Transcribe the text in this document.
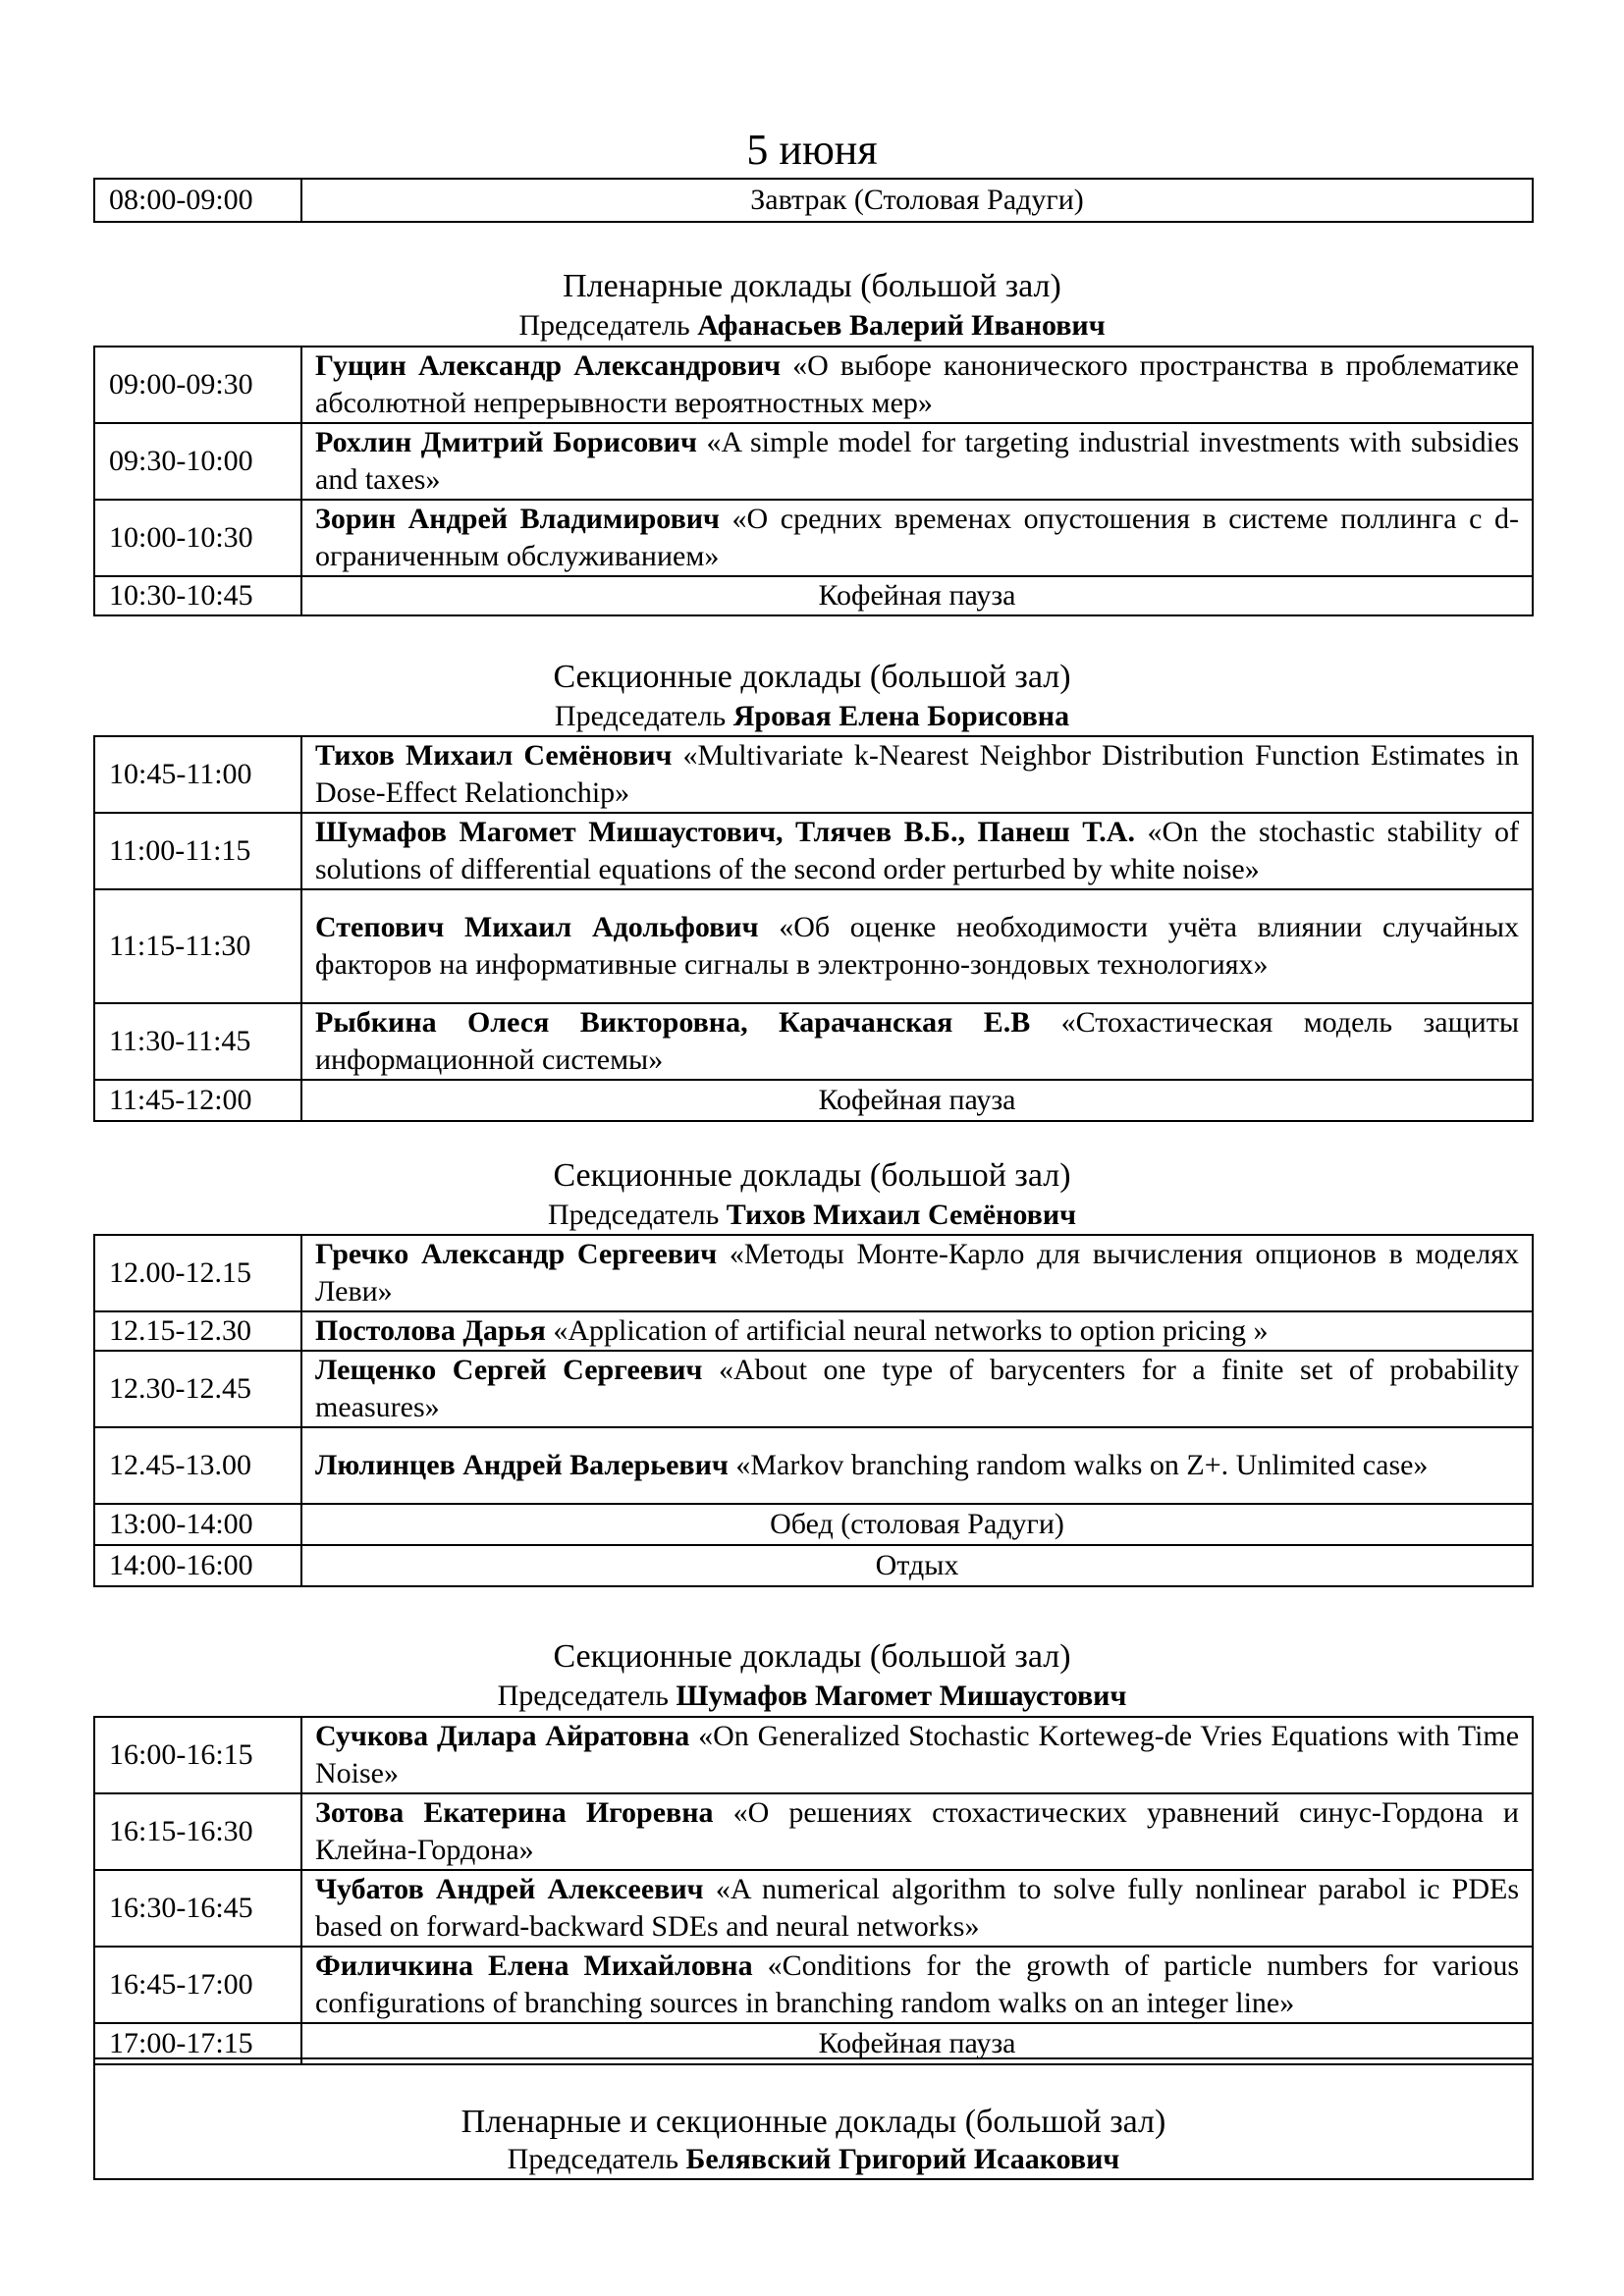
5 июня
08:00-09:00	Завтрак (Столовая Радуги)
Пленарные доклады (большой зал)
Председатель Афанасьев Валерий Иванович
09:00-09:30	Гущин Александр Александрович «О выборе канонического пространства в проблематике абсолютной непрерывности вероятностных мер»
09:30-10:00	Рохлин Дмитрий Борисович «A simple model for targeting industrial investments with subsidies and taxes»
10:00-10:30	Зорин Андрей Владимирович «О средних временах опустошения в системе поллинга с d-ограниченным обслуживанием»
10:30-10:45	Кофейная пауза
Секционные доклады (большой зал)
Председатель Яровая Елена Борисовна
10:45-11:00	Тихов Михаил Семёнович «Multivariate k-Nearest Neighbor Distribution Function Estimates in Dose-Effect Relationchip»
11:00-11:15	Шумафов Магомет Мишаустович, Тлячев В.Б., Панеш Т.А. «On the stochastic stability of solutions of differential equations of the second order perturbed by white noise»
11:15-11:30	Степович Михаил Адольфович «Об оценке необходимости учёта влиянии случайных факторов на информативные сигналы в электронно-зондовых технологиях»
11:30-11:45	Рыбкина Олеся Викторовна, Карачанская Е.В «Стохастическая модель защиты информационной системы»
11:45-12:00	Кофейная пауза
Секционные доклады (большой зал)
Председатель Тихов Михаил Семёнович
12.00-12.15	Гречко Александр Сергеевич «Методы Монте-Карло для вычисления опционов в моделях Леви»
12.15-12.30	Постолова Дарья «Application of artificial neural networks to option pricing »
12.30-12.45	Лещенко Сергей Сергеевич «About one type of barycenters for a finite set of probability measures»
12.45-13.00	Люлинцев Андрей Валерьевич «Markov branching random walks on Z+. Unlimited case»
13:00-14:00	Обед (столовая Радуги)
14:00-16:00	Отдых
Секционные доклады (большой зал)
Председатель Шумафов Магомет Мишаустович
16:00-16:15	Сучкова Дилара Айратовна «On Generalized Stochastic Korteweg-de Vries Equations with Time Noise»
16:15-16:30	Зотова Екатерина Игоревна «О решениях стохастических уравнений синус-Гордона и Клейна-Гордона»
16:30-16:45	Чубатов Андрей Алексеевич «A numerical algorithm to solve fully nonlinear parabol ic PDEs based on forward-backward SDEs and neural networks»
16:45-17:00	Филичкина Елена Михайловна «Conditions for the growth of particle numbers for various configurations of branching sources in branching random walks on an integer line»
17:00-17:15	Кофейная пауза
Пленарные и секционные доклады (большой зал)
Председатель Белявский Григорий Исаакович
